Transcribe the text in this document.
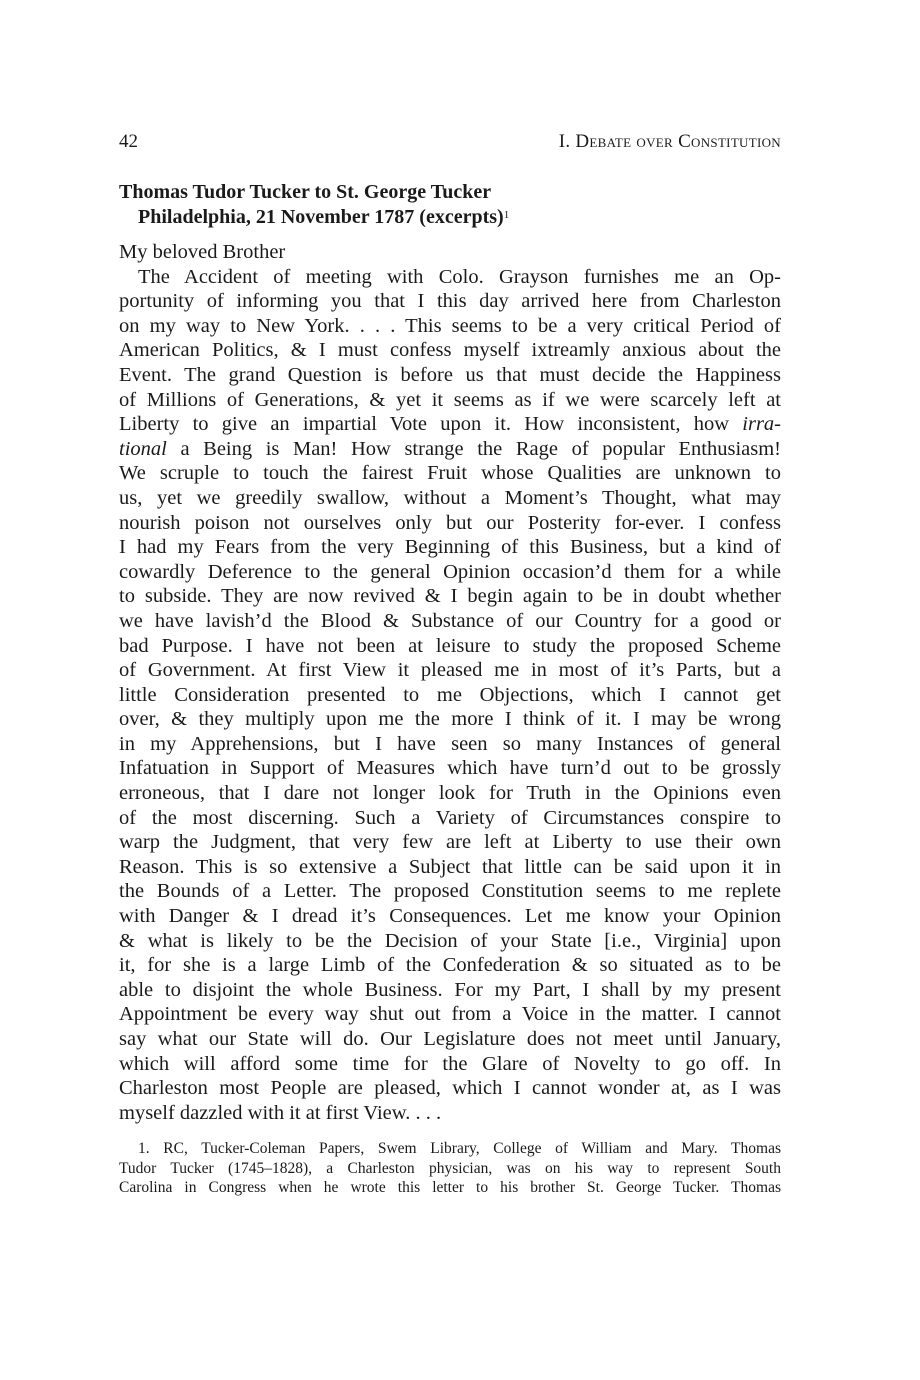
42	I. Debate over Constitution
Thomas Tudor Tucker to St. George Tucker
Philadelphia, 21 November 1787 (excerpts)$^1$
My beloved Brother
The Accident of meeting with Colo. Grayson furnishes me an Op-
portunity of informing you that I this day arrived here from Charleston
on my way to New York. . . . This seems to be a very critical Period of
American Politics, & I must confess myself ixtreamly anxious about the
Event. The grand Question is before us that must decide the Happiness
of Millions of Generations, & yet it seems as if we were scarcely left at
Liberty to give an impartial Vote upon it. How inconsistent, how irra-
tional a Being is Man! How strange the Rage of popular Enthusiasm!
We scruple to touch the fairest Fruit whose Qualities are unknown to
us, yet we greedily swallow, without a Moment’s Thought, what may
nourish poison not ourselves only but our Posterity for-ever. I confess
I had my Fears from the very Beginning of this Business, but a kind of
cowardly Deference to the general Opinion occasion’d them for a while
to subside. They are now revived & I begin again to be in doubt whether
we have lavish’d the Blood & Substance of our Country for a good or
bad Purpose. I have not been at leisure to study the proposed Scheme
of Government. At first View it pleased me in most of it’s Parts, but a
little Consideration presented to me Objections, which I cannot get
over, & they multiply upon me the more I think of it. I may be wrong
in my Apprehensions, but I have seen so many Instances of general
Infatuation in Support of Measures which have turn’d out to be grossly
erroneous, that I dare not longer look for Truth in the Opinions even
of the most discerning. Such a Variety of Circumstances conspire to
warp the Judgment, that very few are left at Liberty to use their own
Reason. This is so extensive a Subject that little can be said upon it in
the Bounds of a Letter. The proposed Constitution seems to me replete
with Danger & I dread it’s Consequences. Let me know your Opinion
& what is likely to be the Decision of your State [i.e., Virginia] upon
it, for she is a large Limb of the Confederation & so situated as to be
able to disjoint the whole Business. For my Part, I shall by my present
Appointment be every way shut out from a Voice in the matter. I cannot
say what our State will do. Our Legislature does not meet until January,
which will afford some time for the Glare of Novelty to go off. In
Charleston most People are pleased, which I cannot wonder at, as I was
myself dazzled with it at first View. . . .
1. RC, Tucker-Coleman Papers, Swem Library, College of William and Mary. Thomas
Tudor Tucker (1745–1828), a Charleston physician, was on his way to represent South
Carolina in Congress when he wrote this letter to his brother St. George Tucker. Thomas
